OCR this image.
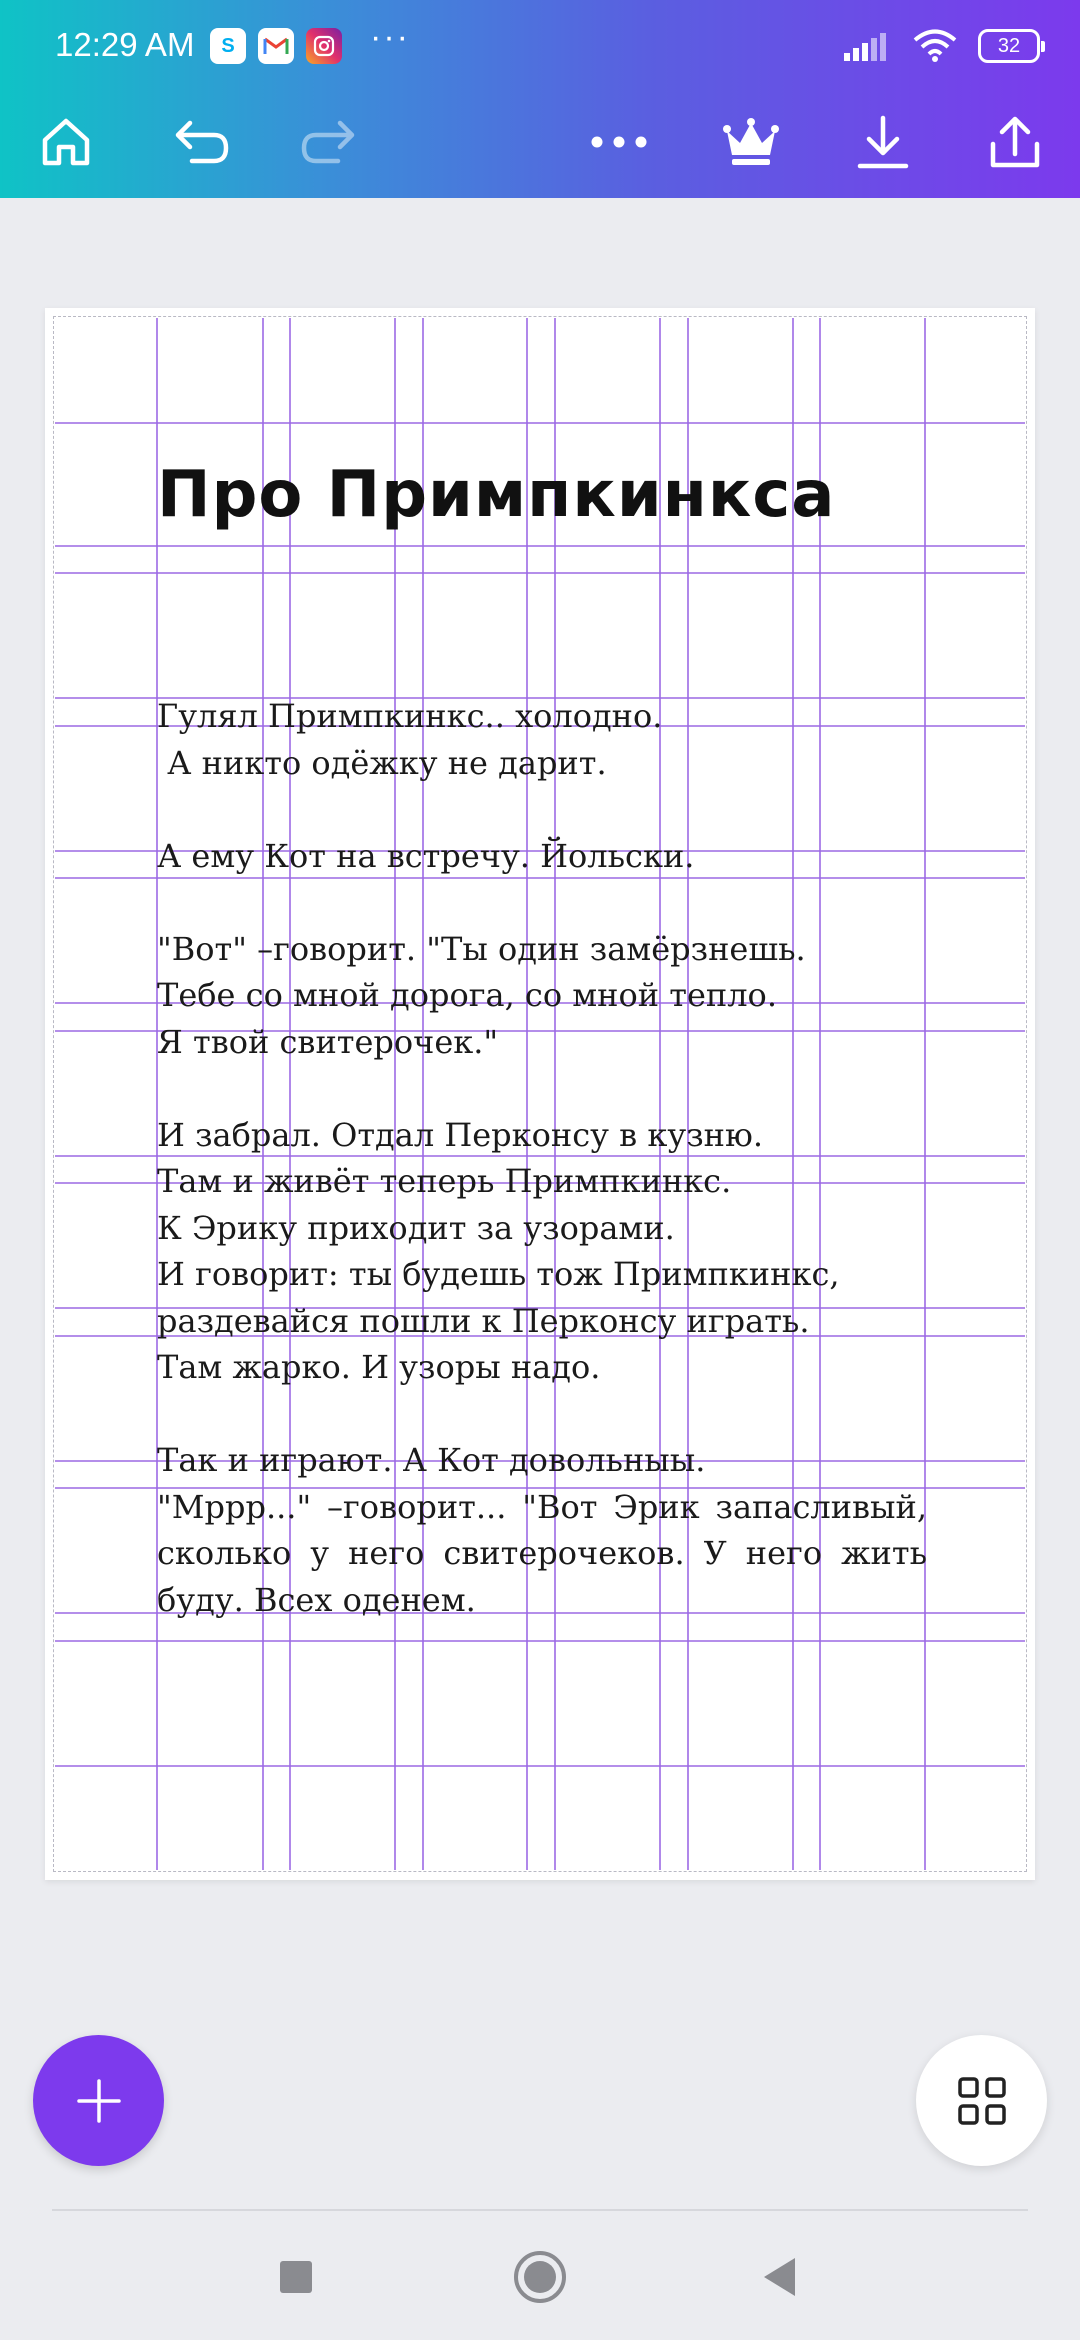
12:29 AM	S	···	32
Про Примпкинкса
Гулял Примпкинкс.. холодно.
А никто одёжку не дарит.
А ему Кот на встречу. Йольски.
"Вот" –говорит. "Ты один замёрзнешь.
Тебе со мной дорога, со мной тепло.
Я твой свитерочек."
И забрал. Отдал Перконсу в кузню.
Там и живёт теперь Примпкинкс.
К Эрику приходит за узорами.
И говорит: ты будешь тож Примпкинкс,
раздевайся пошли к Перконсу играть.
Там жарко. И узоры надо.
Так и играют. А Кот довольныы.
"Мррр..." –говорит... "Вот Эрик запасливый, сколько у него свитерочеков. У него жить буду. Всех оденем.
